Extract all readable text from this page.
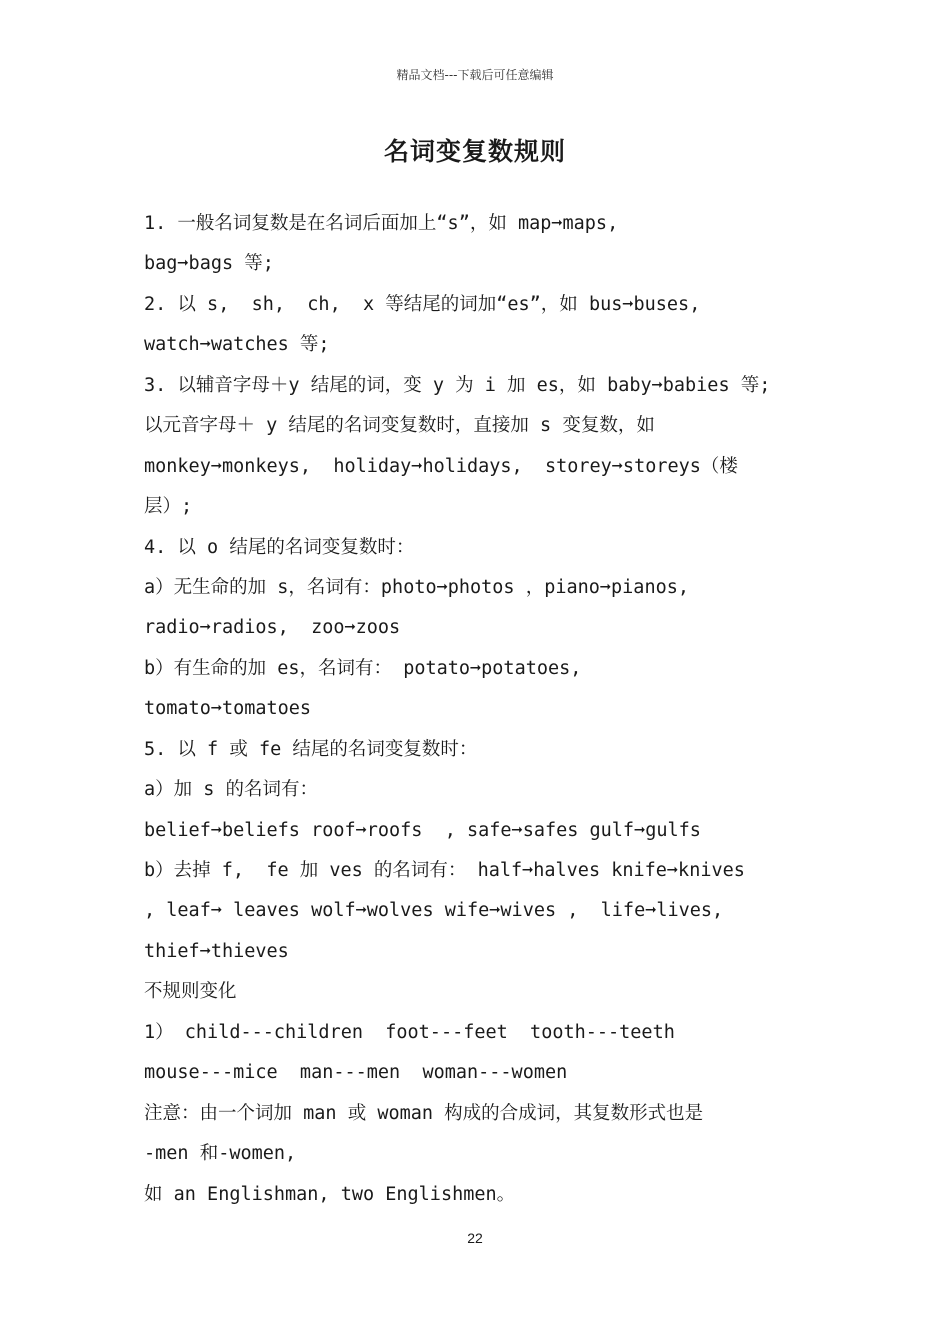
精品文档---下载后可任意编辑
名词变复数规则
1. 一般名词复数是在名词后面加上“s”，如 map➞maps,
bag➞bags 等;
2. 以 s,  sh,  ch,  x 等结尾的词加“es”，如 bus➞buses,
watch➞watches 等;
3. 以辅音字母＋y 结尾的词，变 y 为 i 加 es，如 baby➞babies 等;
以元音字母＋ y 结尾的名词变复数时，直接加 s 变复数，如
monkey➞monkeys,  holiday➞holidays,  storey➞storeys（楼
层）;
4. 以 o 结尾的名词变复数时：
a）无生命的加 s，名词有：photo➞photos ，piano➞pianos,
radio➞radios,  zoo➞zoos
b）有生命的加 es，名词有： potato➞potatoes,
tomato➞tomatoes
5. 以 f 或 fe 结尾的名词变复数时：
a）加 s 的名词有：
belief➞beliefs roof➞roofs  , safe➞safes gulf➞gulfs
b）去掉 f,  fe 加 ves 的名词有： half➞halves knife➞knives
, leaf➞ leaves wolf➞wolves wife➞wives ,  life➞lives,
thief➞thieves
不规则变化
1） child---children  foot---feet  tooth---teeth
mouse---mice  man---men  woman---women
注意：由一个词加 man 或 woman 构成的合成词，其复数形式也是
-men 和-women,
如 an Englishman, two Englishmen。
22
